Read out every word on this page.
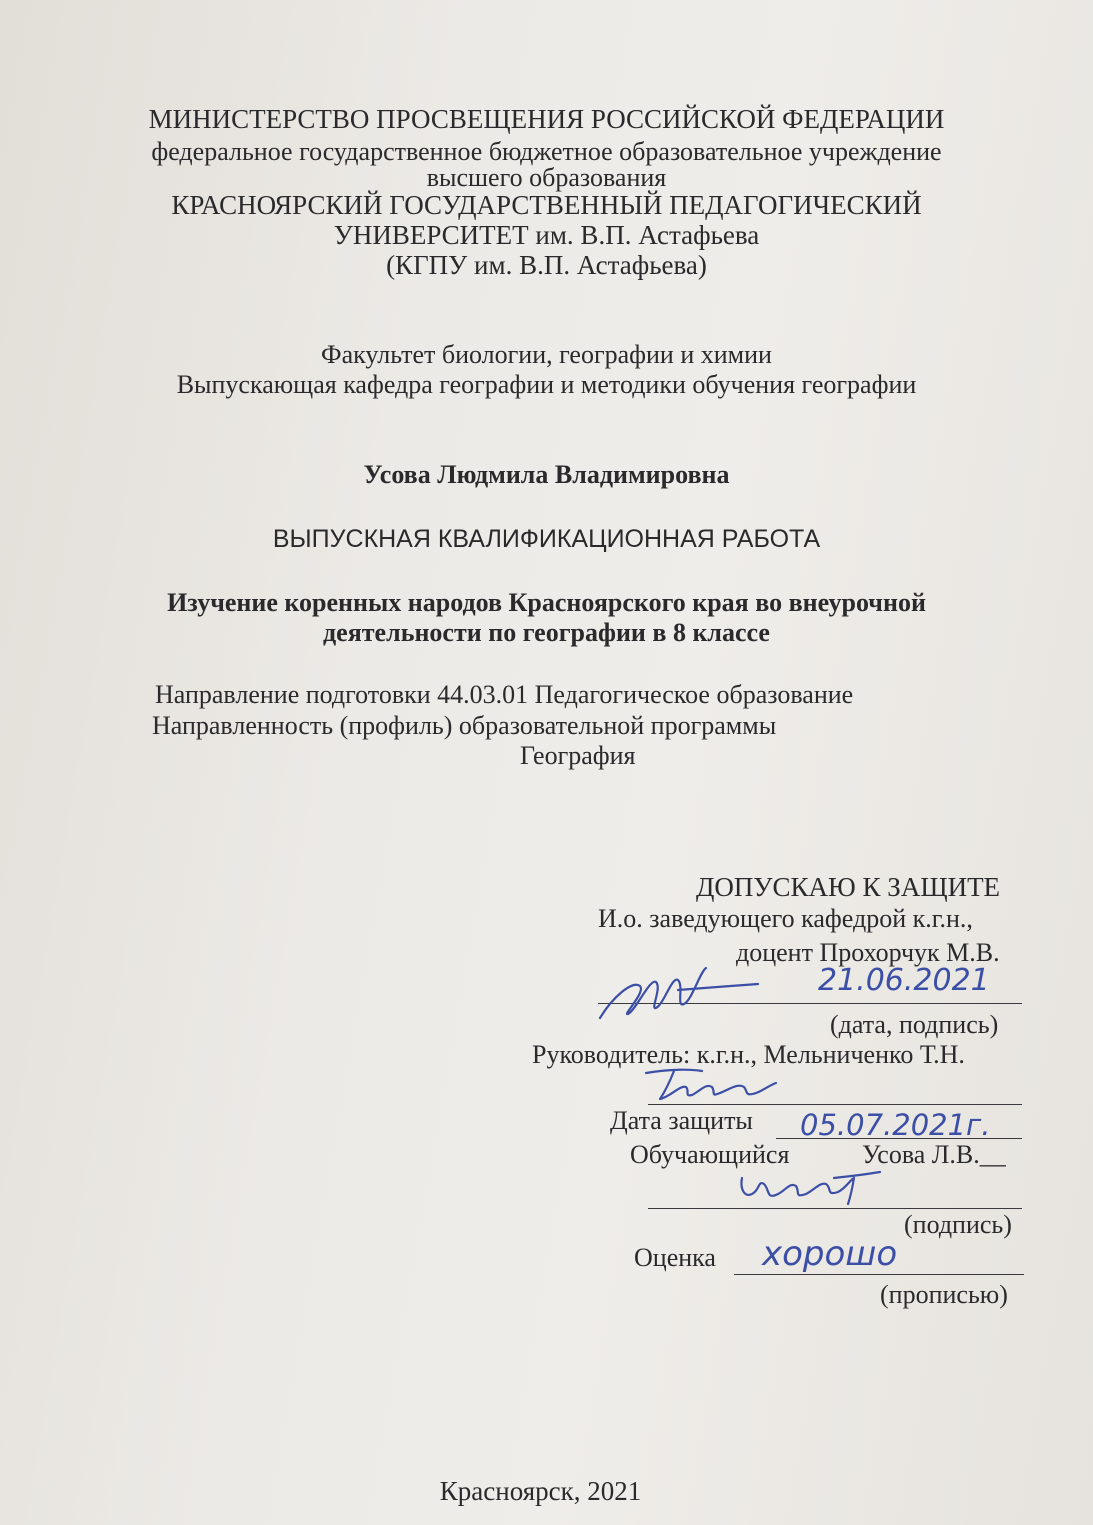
МИНИСТЕРСТВО ПРОСВЕЩЕНИЯ РОССИЙСКОЙ ФЕДЕРАЦИИ
федеральное государственное бюджетное образовательное учреждение
высшего образования
КРАСНОЯРСКИЙ ГОСУДАРСТВЕННЫЙ ПЕДАГОГИЧЕСКИЙ
УНИВЕРСИТЕТ им. В.П. Астафьева
(КГПУ им. В.П. Астафьева)
Факультет биологии, географии и химии
Выпускающая кафедра географии и методики обучения географии
Усова Людмила Владимировна
ВЫПУСКНАЯ КВАЛИФИКАЦИОННАЯ РАБОТА
Изучение коренных народов Красноярского края во внеурочной
деятельности по географии в 8 классе
Направление подготовки 44.03.01 Педагогическое образование
Направленность (профиль) образовательной программы
География
ДОПУСКАЮ К ЗАЩИТЕ
И.о. заведующего кафедрой к.г.н.,
доцент Прохорчук М.В.
21.06.2021
(дата, подпись)
Руководитель: к.г.н., Мельниченко Т.Н.
Дата защиты 05.07.2021г.
Обучающийся	Усова Л.В.__
(подпись)
Оценка хорошо
(прописью)
Красноярск, 2021
